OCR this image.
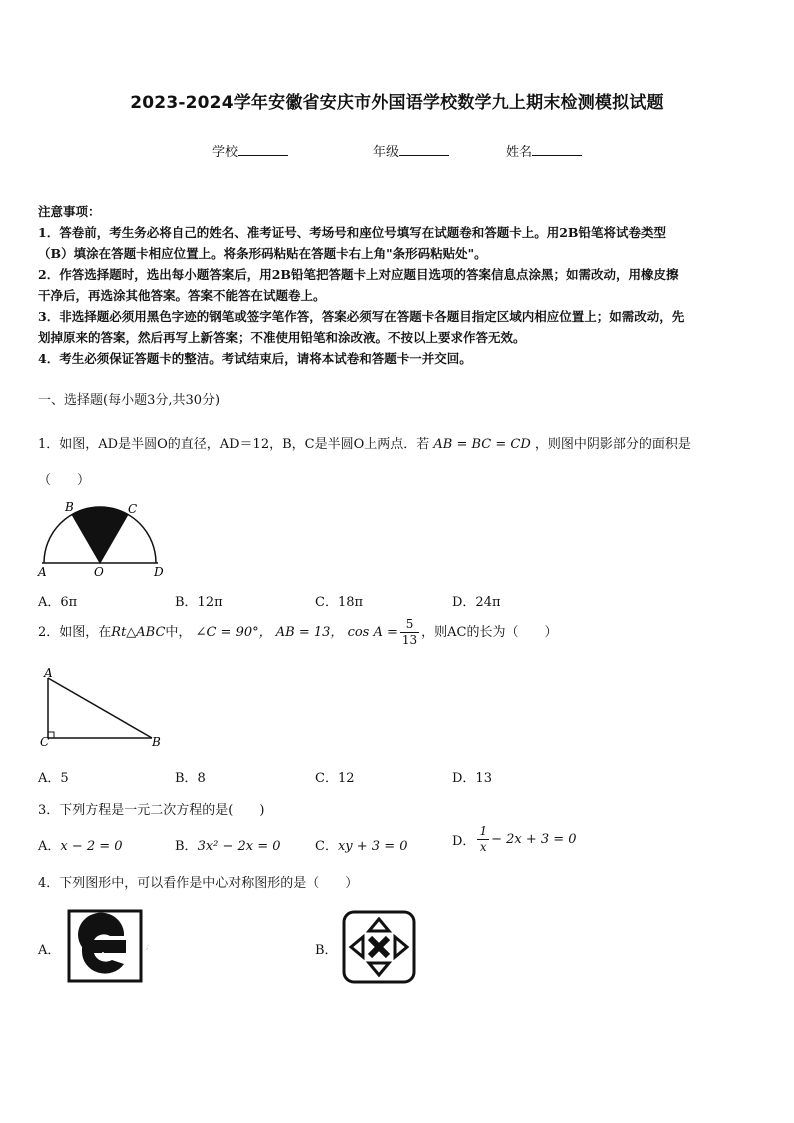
2023-2024学年安徽省安庆市外国语学校数学九上期末检测模拟试题
学校	年级	姓名

注意事项：

1．答卷前，考生务必将自己的姓名、准考证号、考场号和座位号填写在试题卷和答题卡上。用2B铅笔将试卷类型

（B）填涂在答题卡相应位置上。将条形码粘贴在答题卡右上角"条形码粘贴处"。

2．作答选择题时，选出每小题答案后，用2B铅笔把答题卡上对应题目选项的答案信息点涂黑；如需改动，用橡皮擦

干净后，再选涂其他答案。答案不能答在试题卷上。

3．非选择题必须用黑色字迹的钢笔或签字笔作答，答案必须写在答题卡各题目指定区域内相应位置上；如需改动，先

划掉原来的答案，然后再写上新答案；不准使用铅笔和涂改液。不按以上要求作答无效。

4．考生必须保证答题卡的整洁。考试结束后，请将本试卷和答题卡一并交回。

一、选择题(每小题3分,共30分)
1．如图，AD是半圆O的直径，AD＝12，B，C是半圆O上两点．若 AB = BC = CD ，则图中阴影部分的面积是
（　　）
A	O	D
B	C
A．6π	B．12π	C．18π	D．24π
2．如图，在Rt△ABC中， ∠C = 90°， AB = 13， $\cos A = \frac{5}{13}$ ，则AC的长为（　　）
A
C	B
A．5	B．8	C．12	D．13
3．下列方程是一元二次方程的是(　　)
A．x − 2 = 0	B．3x² − 2x = 0	C．xy + 3 = 0	D． $\frac{1}{x} - 2x + 3 = 0$
4．下列图形中，可以看作是中心对称图形的是（　　）
A．	;	B．
